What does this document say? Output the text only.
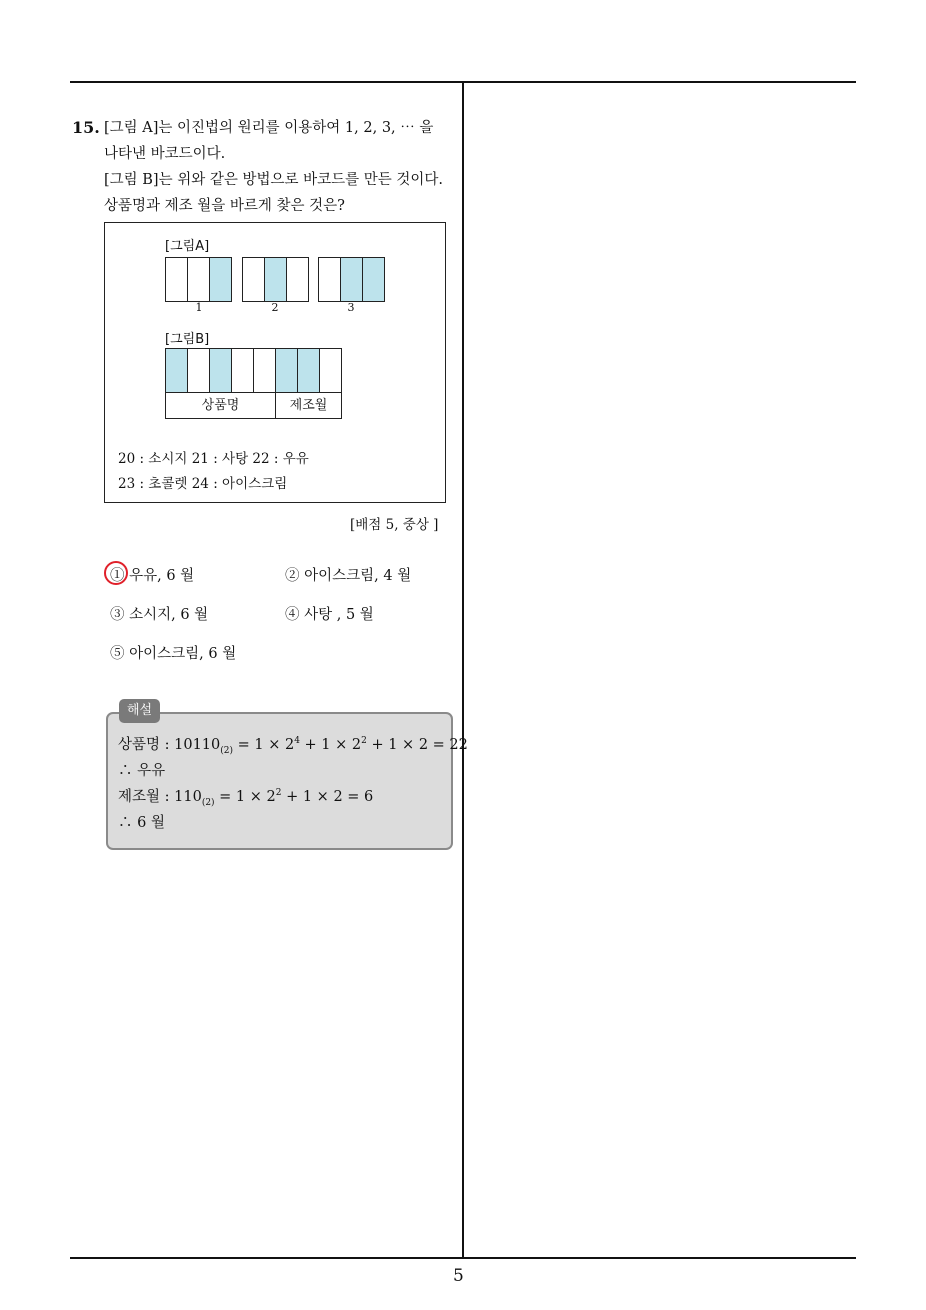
15. [그림 A]는 이진법의 원리를 이용하여 1, 2, 3, ⋯ 을
나타낸 바코드이다.
[그림 B]는 위와 같은 방법으로 바코드를 만든 것이다.
상품명과 제조 월을 바르게 찾은 것은?
[그림A]
1	2	3
[그림B]
상품명	제조월
20 : 소시지 21 : 사탕 22 : 우유
23 : 초콜렛 24 : 아이스크림
[배점 5, 중상 ]
① 우유, 6 월	② 아이스크림, 4 월
③ 소시지, 6 월	④ 사탕 , 5 월
⑤ 아이스크림, 6 월
해설
상품명 : $10110_{(2)} = 1 \times 2^4 + 1 \times 2^2 + 1 \times 2 = 22$
∴ 우유
제조월 : $110_{(2)} = 1 \times 2^2 + 1 \times 2 = 6$
∴ 6 월
5
